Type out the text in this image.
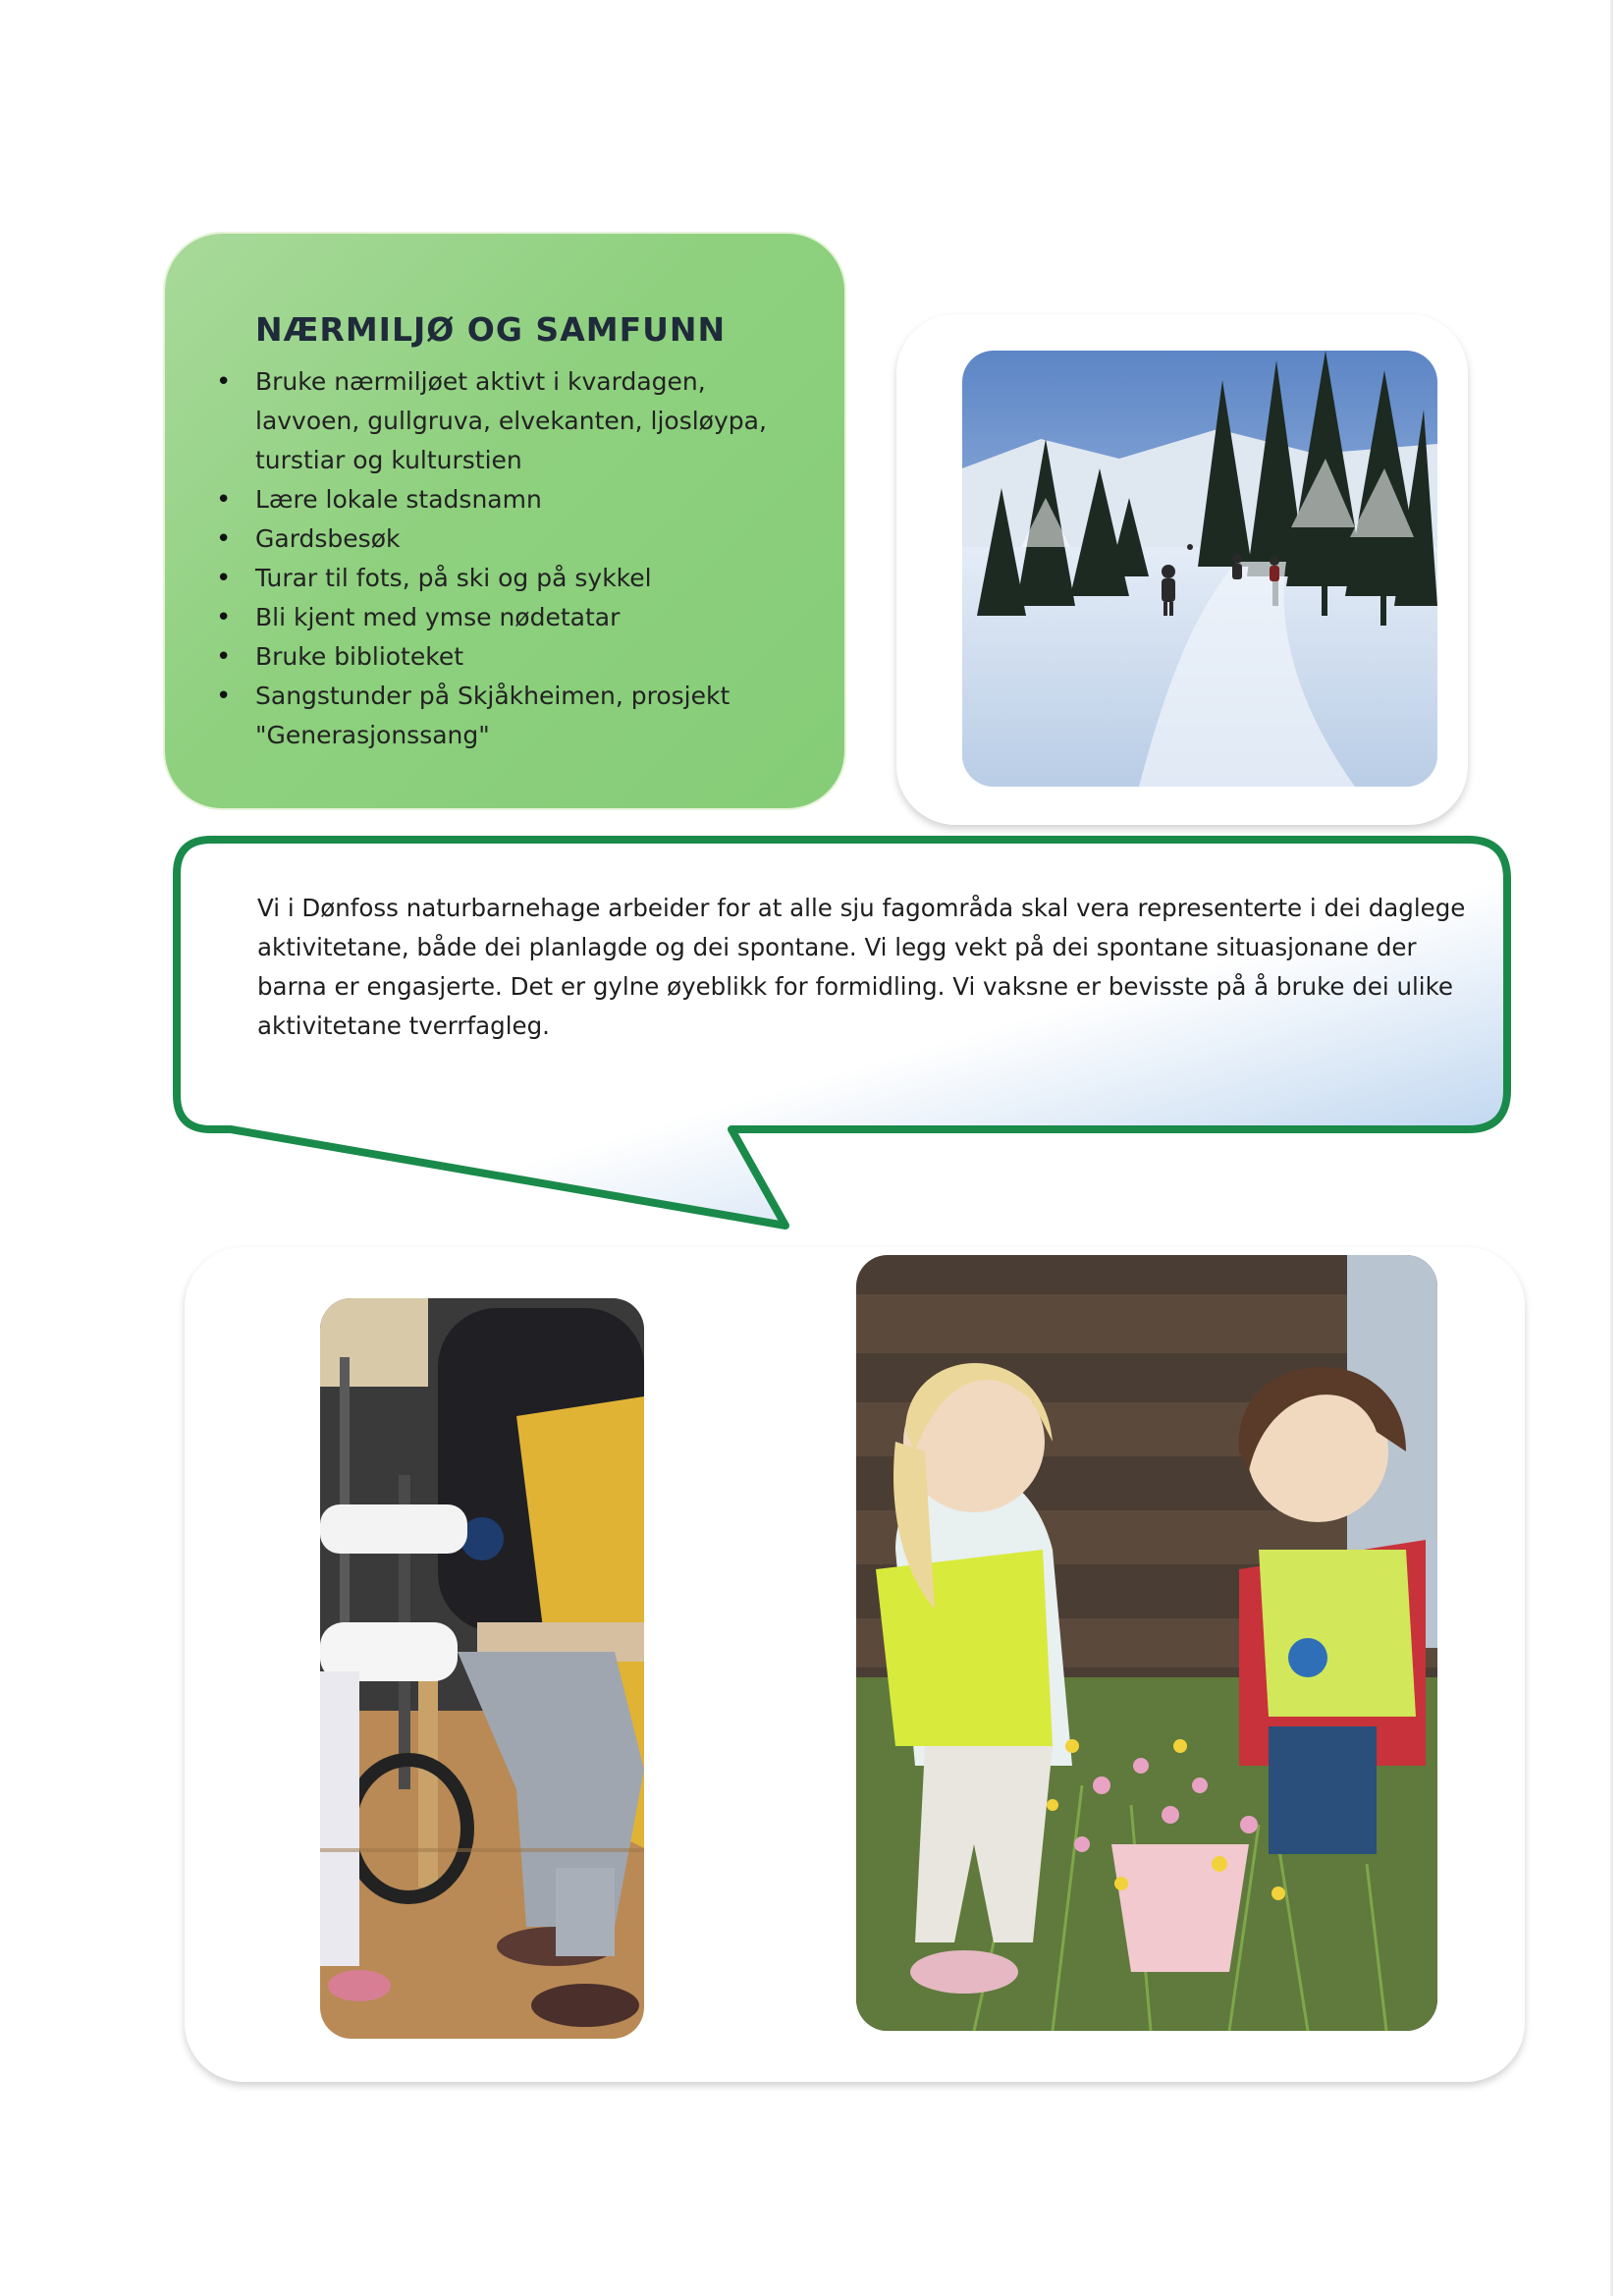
NÆRMILJØ OG SAMFUNN
• Bruke nærmiljøet aktivt i kvardagen, lavvoen, gullgruva, elvekanten, ljosløypa, turstiar og kulturstien
• Lære lokale stadsnamn
• Gardsbesøk
• Turar til fots, på ski og på sykkel
• Bli kjent med ymse nødetatar
• Bruke biblioteket
• Sangstunder på Skjåkheimen, prosjekt "Generasjonssang"

Vi i Dønfoss naturbarnehage arbeider for at alle sju fagområda skal vera representerte i dei daglege aktivitetane, både dei planlagde og dei spontane. Vi legg vekt på dei spontane situasjonane der barna er engasjerte. Det er gylne øyeblikk for formidling. Vi vaksne er bevisste på å bruke dei ulike aktivitetane tverrfagleg.
